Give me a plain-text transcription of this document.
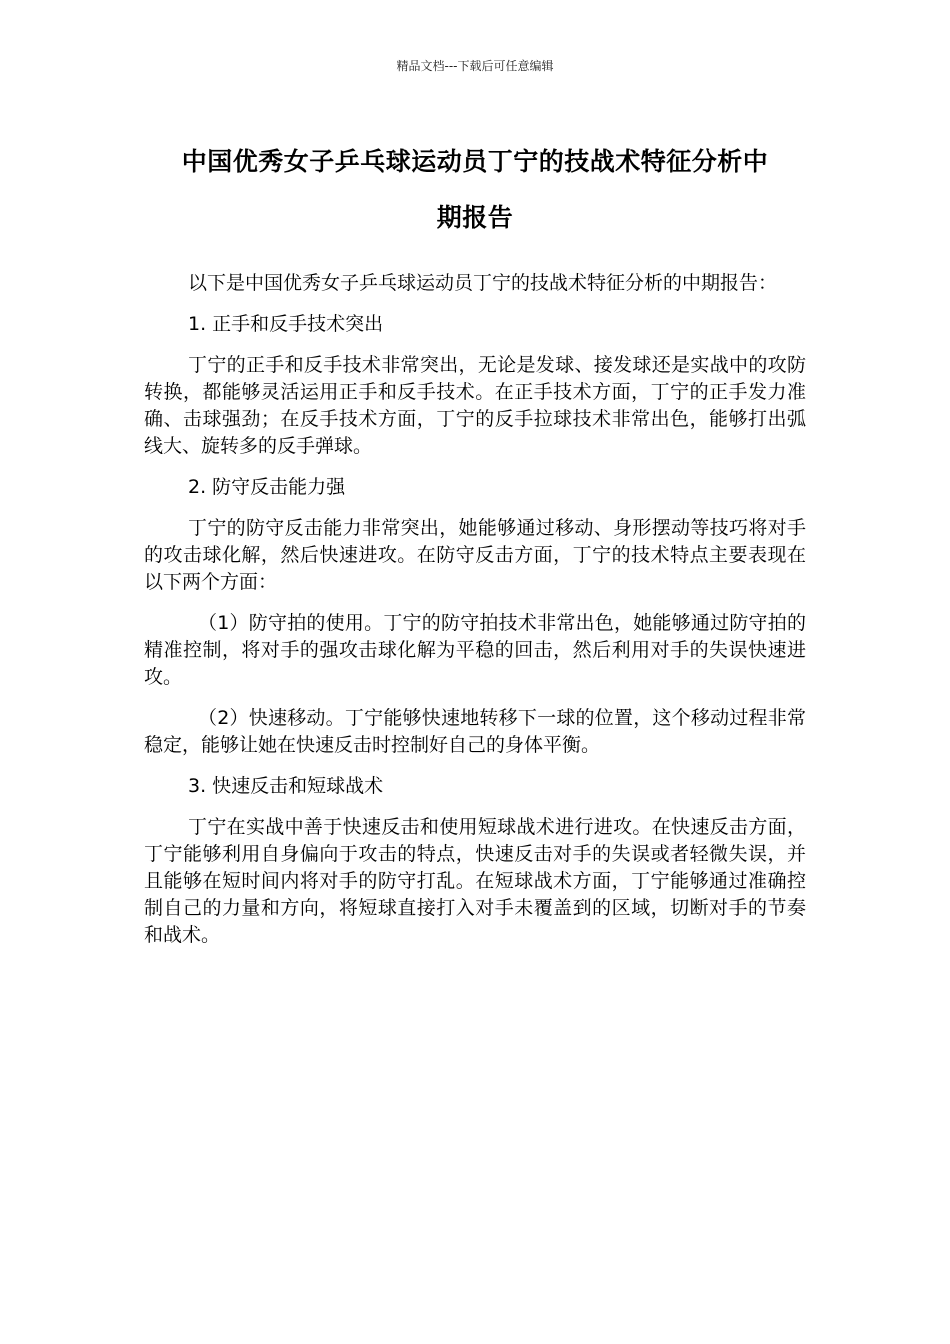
精品文档---下载后可任意编辑
中国优秀女子乒乓球运动员丁宁的技战术特征分析中
期报告

以下是中国优秀女子乒乓球运动员丁宁的技战术特征分析的中期报告：

1. 正手和反手技术突出

丁宁的正手和反手技术非常突出，无论是发球、接发球还是实战中的攻防转换，都能够灵活运用正手和反手技术。在正手技术方面，丁宁的正手发力准确、击球强劲；在反手技术方面，丁宁的反手拉球技术非常出色，能够打出弧线大、旋转多的反手弹球。

2. 防守反击能力强

丁宁的防守反击能力非常突出，她能够通过移动、身形摆动等技巧将对手的攻击球化解，然后快速进攻。在防守反击方面，丁宁的技术特点主要表现在以下两个方面：

（1）防守拍的使用。丁宁的防守拍技术非常出色，她能够通过防守拍的精准控制，将对手的强攻击球化解为平稳的回击，然后利用对手的失误快速进攻。

（2）快速移动。丁宁能够快速地转移下一球的位置，这个移动过程非常稳定，能够让她在快速反击时控制好自己的身体平衡。

3. 快速反击和短球战术

丁宁在实战中善于快速反击和使用短球战术进行进攻。在快速反击方面，丁宁能够利用自身偏向于攻击的特点，快速反击对手的失误或者轻微失误，并且能够在短时间内将对手的防守打乱。在短球战术方面，丁宁能够通过准确控制自己的力量和方向，将短球直接打入对手未覆盖到的区域，切断对手的节奏和战术。
